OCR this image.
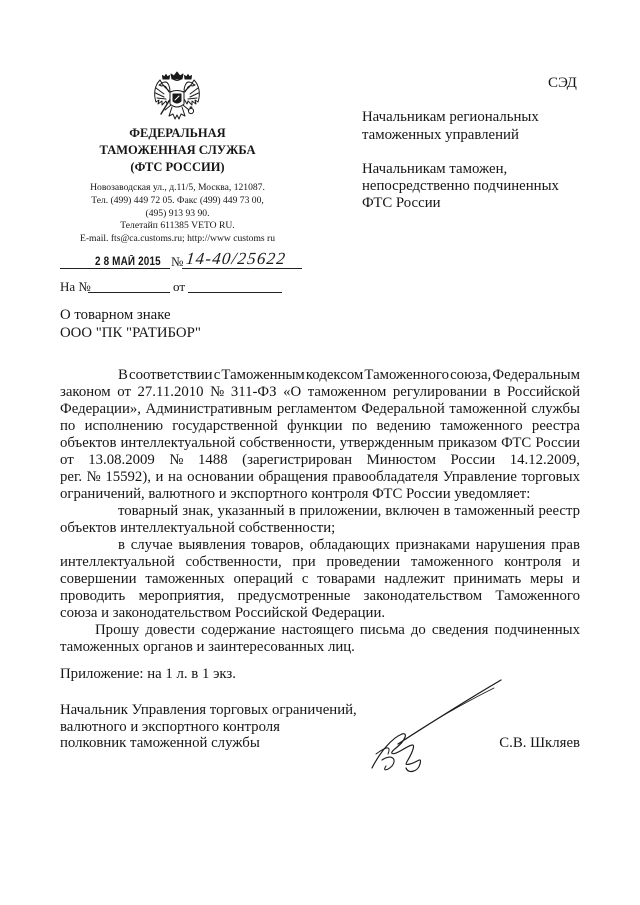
СЭД
ФЕДЕРАЛЬНАЯ
ТАМОЖЕННАЯ СЛУЖБА
(ФТС РОССИИ)
Новозаводская ул., д.11/5, Москва, 121087.
Тел. (499) 449 72 05. Факс (499) 449 73 00,
(495) 913 93 90.
Телетайп 611385 VETO RU.
E-mail. fts@ca.customs.ru; http://www customs ru
2 8 МАЙ 2015 № 14-40/25622
На №	от
Начальникам региональных
таможенных управлений
Начальникам таможен,
непосредственно подчиненных
ФТС России
О товарном знаке
ООО "ПК "РАТИБОР"
В соответствии с Таможенным кодексом Таможенного союза, Федеральным
законом от 27.11.2010 № 311-ФЗ «О таможенном регулировании в Российской
Федерации», Административным регламентом Федеральной таможенной службы
по исполнению государственной функции по ведению таможенного реестра
объектов интеллектуальной собственности, утвержденным приказом ФТС России
от 13.08.2009 № 1488 (зарегистрирован Минюстом России 14.12.2009,
рег. № 15592), и на основании обращения правообладателя Управление торговых
ограничений, валютного и экспортного контроля ФТС России уведомляет:
товарный знак, указанный в приложении, включен в таможенный реестр
объектов интеллектуальной собственности;
в случае выявления товаров, обладающих признаками нарушения прав
интеллектуальной собственности, при проведении таможенного контроля и
совершении таможенных операций с товарами надлежит принимать меры и
проводить мероприятия, предусмотренные законодательством Таможенного
союза и законодательством Российской Федерации.
Прошу довести содержание настоящего письма до сведения подчиненных
таможенных органов и заинтересованных лиц.
Приложение: на 1 л. в 1 экз.
Начальник Управления торговых ограничений,
валютного и экспортного контроля
полковник таможенной службы	С.В. Шкляев
